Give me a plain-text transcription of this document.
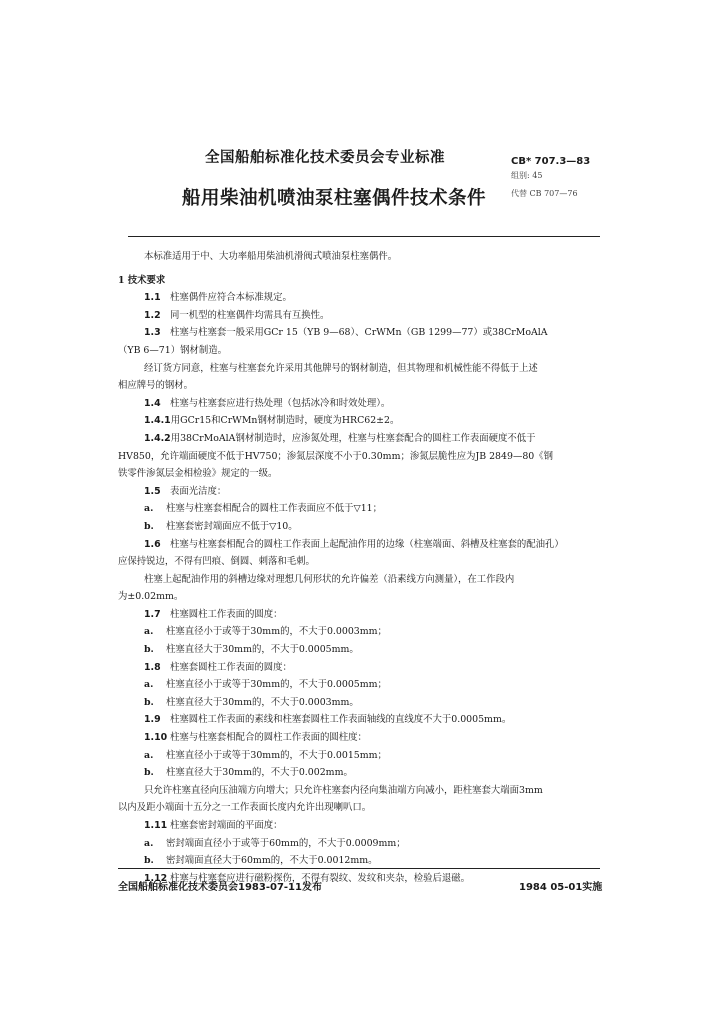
全国船舶标准化技术委员会专业标准
船用柴油机喷油泵柱塞偶件技术条件
CB* 707.3—83
组别: 45
代替 CB 707—76

本标准适用于中、大功率船用柴油机滑阀式喷油泵柱塞偶件。

1 技术要求

1.1 柱塞偶件应符合本标准规定。

1.2 同一机型的柱塞偶件均需具有互换性。

1.3 柱塞与柱塞套一般采用GCr 15（YB 9—68）、CrWMn（GB 1299—77）或38CrMoAlA

（YB 6—71）钢材制造。

经订货方同意，柱塞与柱塞套允许采用其他牌号的钢材制造，但其物理和机械性能不得低于上述

相应牌号的钢材。

1.4 柱塞与柱塞套应进行热处理（包括冰冷和时效处理）。

1.4.1用GCr15和CrWMn钢材制造时，硬度为HRC62±2。

1.4.2用38CrMoAlA钢材制造时，应渗氮处理，柱塞与柱塞套配合的圆柱工作表面硬度不低于

HV850，允许端面硬度不低于HV750；渗氮层深度不小于0.30mm；渗氮层脆性应为JB 2849—80《钢

铁零件渗氮层金相检验》规定的一级。

1.5 表面光洁度：

a. 柱塞与柱塞套相配合的圆柱工作表面应不低于▽11；

b. 柱塞套密封端面应不低于▽10。

1.6 柱塞与柱塞套相配合的圆柱工作表面上起配油作用的边缘（柱塞端面、斜槽及柱塞套的配油孔）

应保持锐边，不得有凹痕、倒圆、刺落和毛刺。

柱塞上起配油作用的斜槽边缘对理想几何形状的允许偏差（沿素线方向测量），在工作段内

为±0.02mm。

1.7 柱塞圆柱工作表面的圆度：

a. 柱塞直径小于或等于30mm的，不大于0.0003mm；

b. 柱塞直径大于30mm的，不大于0.0005mm。

1.8 柱塞套圆柱工作表面的圆度：

a. 柱塞直径小于或等于30mm的，不大于0.0005mm；

b. 柱塞直径大于30mm的，不大于0.0003mm。

1.9 柱塞圆柱工作表面的素线和柱塞套圆柱工作表面轴线的直线度不大于0.0005mm。

1.10 柱塞与柱塞套相配合的圆柱工作表面的圆柱度：

a. 柱塞直径小于或等于30mm的，不大于0.0015mm；

b. 柱塞直径大于30mm的，不大于0.002mm。

只允许柱塞直径向压油端方向增大；只允许柱塞套内径向集油端方向减小，距柱塞套大端面3mm

以内及距小端面十五分之一工作表面长度内允许出现喇叭口。

1.11 柱塞套密封端面的平面度：

a. 密封端面直径小于或等于60mm的，不大于0.0009mm；

b. 密封端面直径大于60mm的，不大于0.0012mm。

1.12 柱塞与柱塞套应进行磁粉探伤，不得有裂纹、发纹和夹杂，检验后退磁。

全国船舶标准化技术委员会1983-07-11发布	1984 05-01实施
